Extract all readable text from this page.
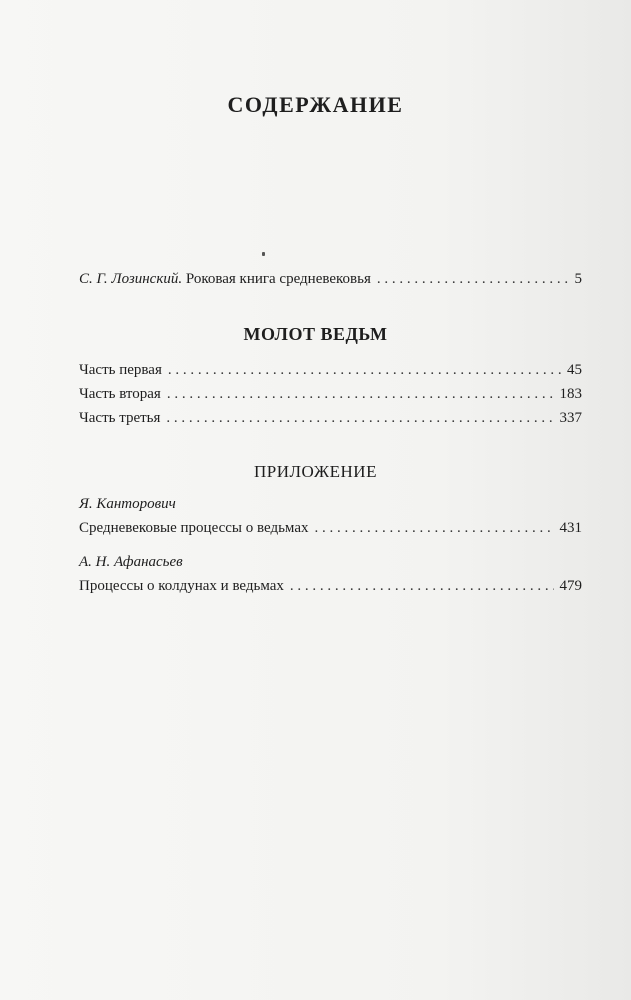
СОДЕРЖАНИЕ
С. Г. Лозинский. Роковая книга средневековья . . .	5
МОЛОТ ВЕДЬМ
Часть первая . . .	45
Часть вторая . . .	183
Часть третья . . .	337
ПРИЛОЖЕНИЕ
Я. Канторович
Средневековые процессы о ведьмах . . .	431
А. Н. Афанасьев
Процессы о колдунах и ведьмах . . .	479
